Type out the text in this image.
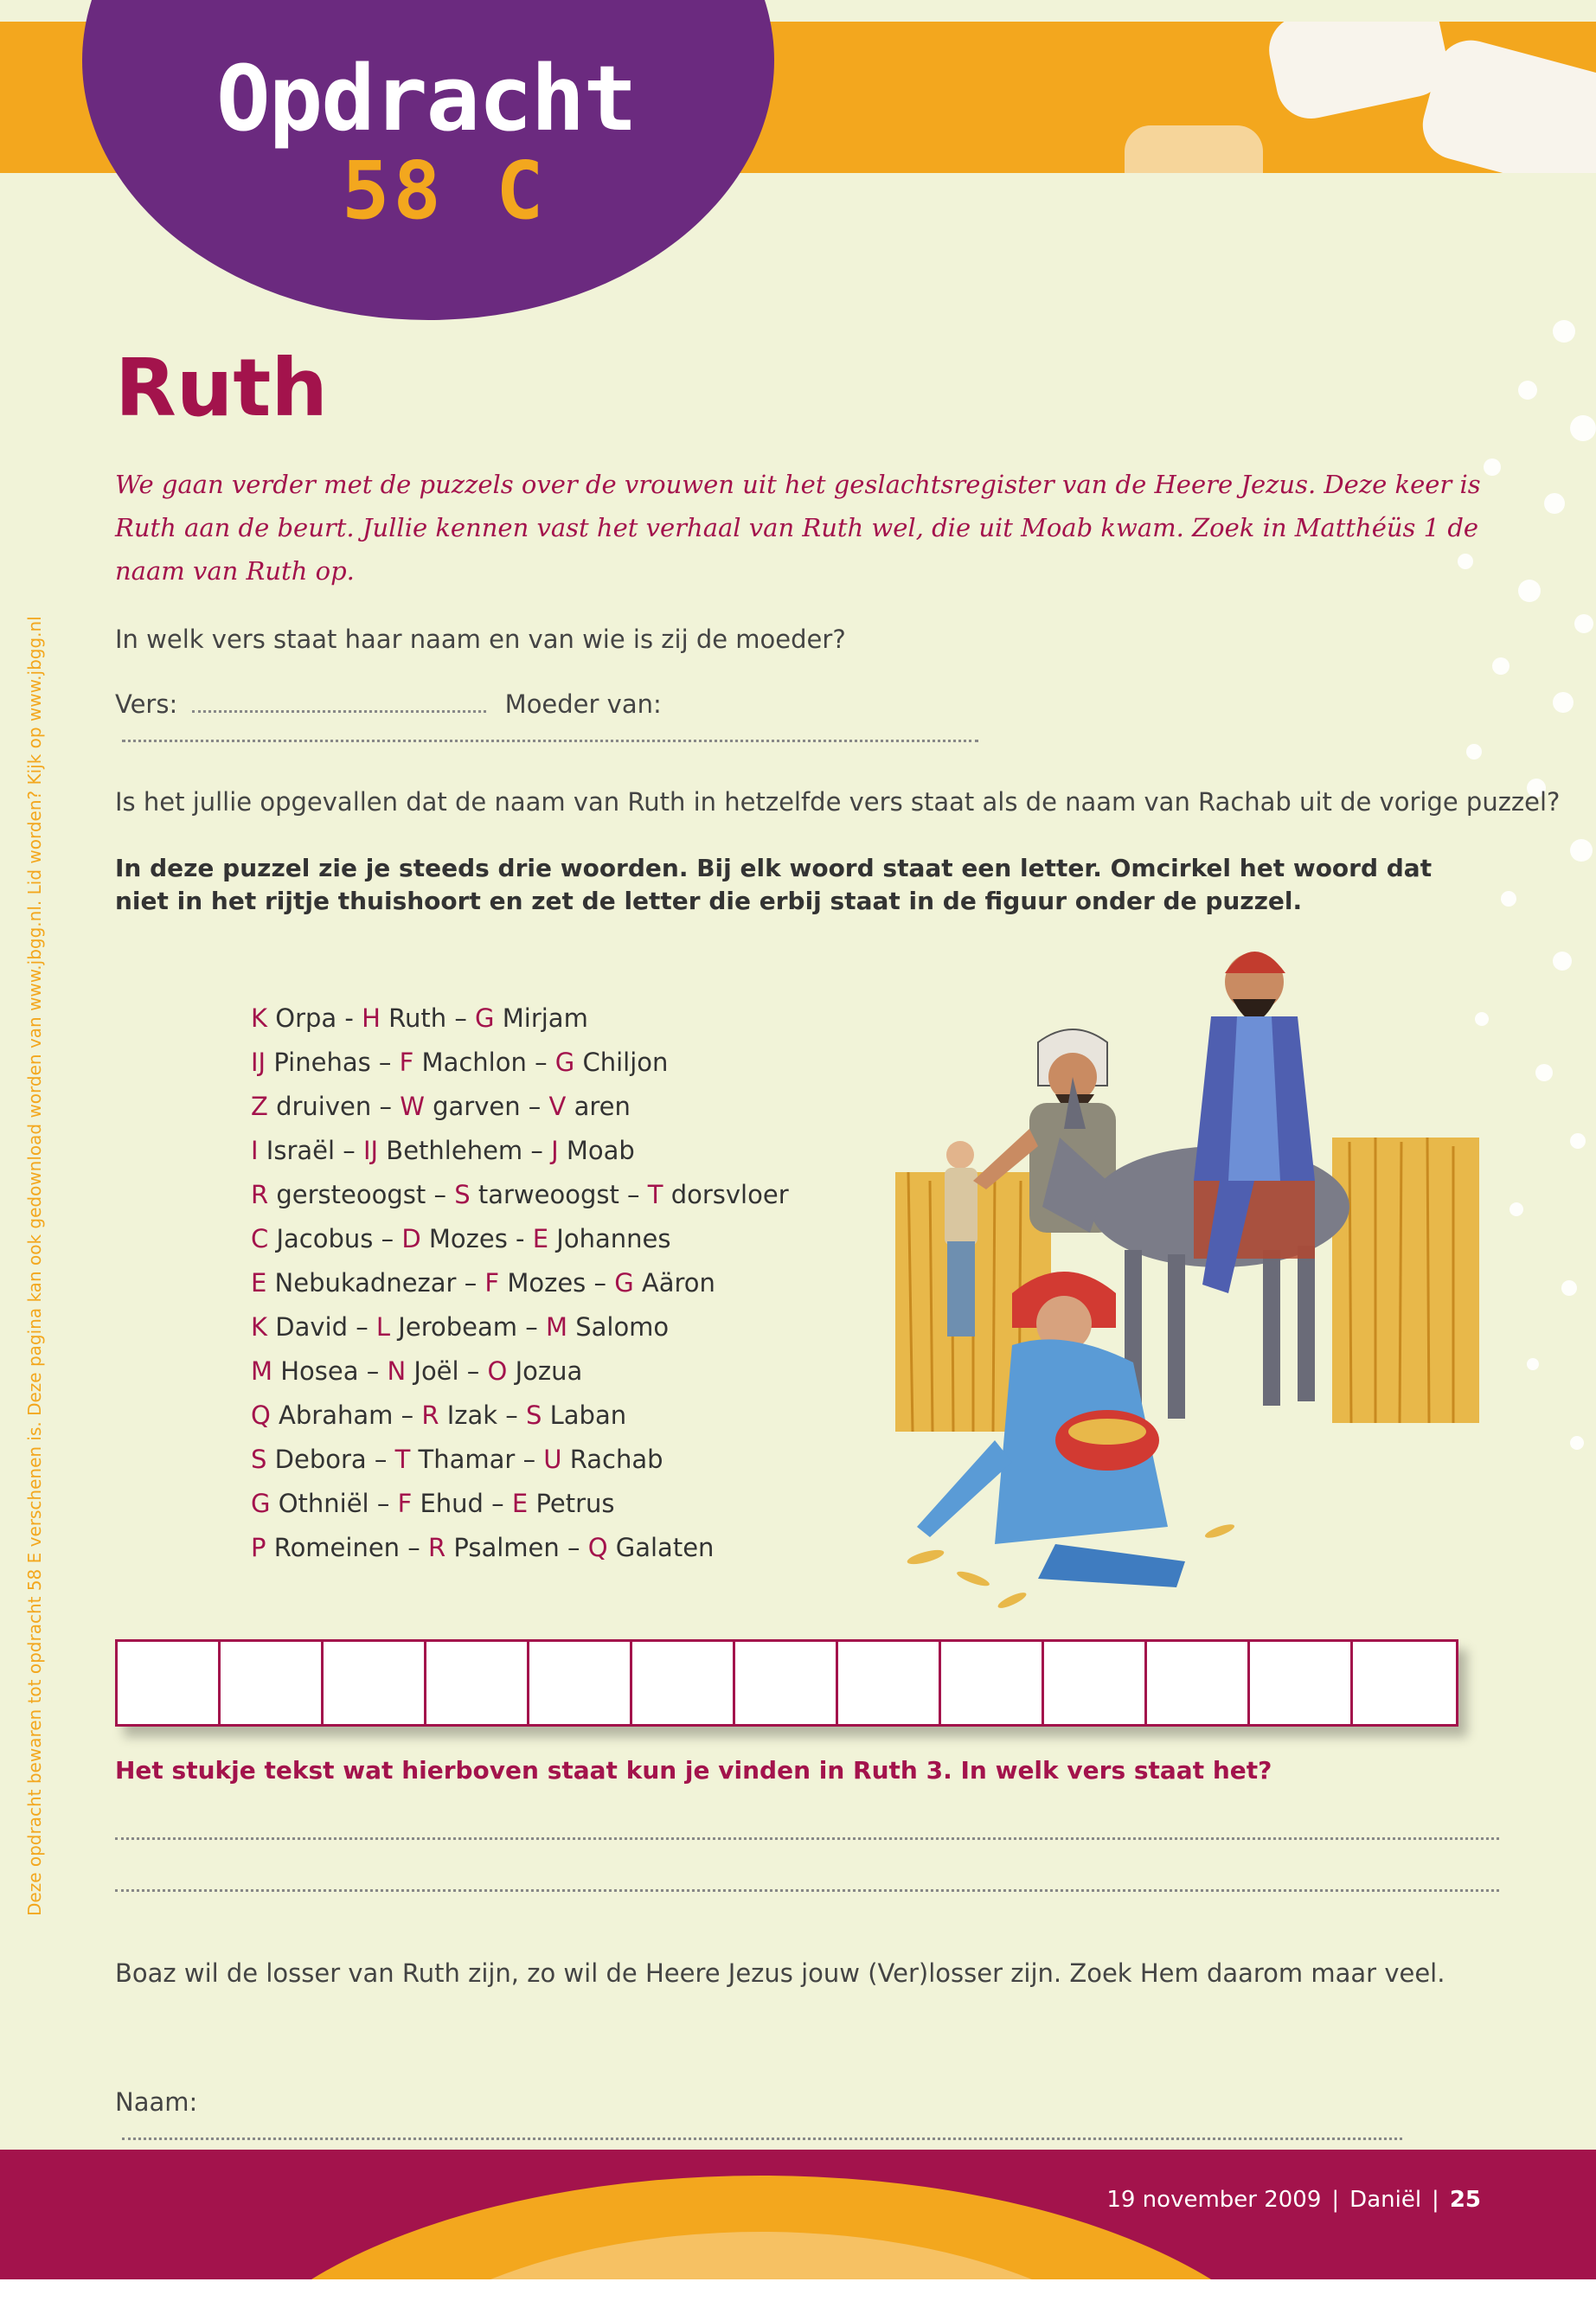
Opdracht
58 C
Deze opdracht bewaren tot opdracht 58 E verschenen is. Deze pagina kan ook gedownload worden van www.jbgg.nl. Lid worden? Kijk op www.jbgg.nl
Ruth
We gaan verder met de puzzels over de vrouwen uit het geslachtsregister van de Heere Jezus. Deze keer is Ruth aan de beurt. Jullie kennen vast het verhaal van Ruth wel, die uit Moab kwam. Zoek in Matthéüs 1 de naam van Ruth op.
In welk vers staat haar naam en van wie is zij de moeder?
Vers:	Moeder van:
Is het jullie opgevallen dat de naam van Ruth in hetzelfde vers staat als de naam van Rachab uit de vorige puzzel?
In deze puzzel zie je steeds drie woorden. Bij elk woord staat een letter. Omcirkel het woord dat niet in het rijtje thuishoort en zet de letter die erbij staat in de figuur onder de puzzel.
K Orpa - H Ruth – G Mirjam
IJ Pinehas – F Machlon – G Chiljon
Z druiven – W garven – V aren
I Israël – IJ Bethlehem – J Moab
R gersteoogst – S tarweoogst – T dorsvloer
C Jacobus – D Mozes - E Johannes
E Nebukadnezar – F Mozes – G Aäron
K David – L Jerobeam – M Salomo
M Hosea – N Joël – O Jozua
Q Abraham – R Izak – S Laban
S Debora – T Thamar – U Rachab
G Othniël – F Ehud – E Petrus
P Romeinen – R Psalmen – Q Galaten
Het stukje tekst wat hierboven staat kun je vinden in Ruth 3. In welk vers staat het?
Boaz wil de losser van Ruth zijn, zo wil de Heere Jezus jouw (Ver)losser zijn. Zoek Hem daarom maar veel.
Naam:
19 november 2009 | Daniël | 25
